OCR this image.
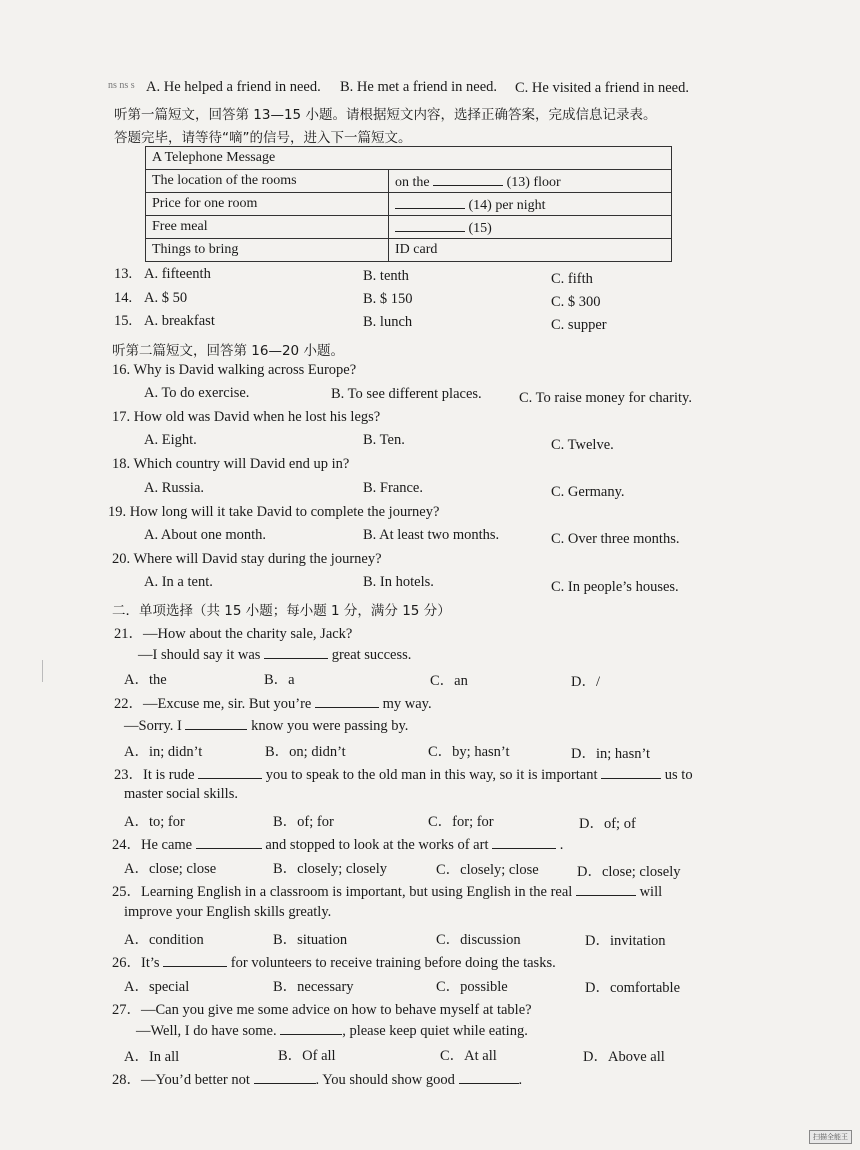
ns ns s A. He helped a friend in need. B. He met a friend in need. C. He visited a friend in need.
听第一篇短文，回答第 13—15 小题。请根据短文内容，选择正确答案，完成信息记录表。
答题完毕，请等待“嘀”的信号，进入下一篇短文。
A Telephone Message	
The location of the rooms	on the (13) floor
Price for one room	(14) per night
Free meal	(15)
Things to bring	ID card
13. A. fifteenth	B. tenth	C. fifth
14. A. $ 50	B. $ 150	C. $ 300
15. A. breakfast	B. lunch	C. supper
听第二篇短文，回答第 16—20 小题。
16. Why is David walking across Europe?
A. To do exercise.	B. To see different places.	C. To raise money for charity.
17. How old was David when he lost his legs?
A. Eight.	B. Ten.	C. Twelve.
18. Which country will David end up in?
A. Russia.	B. France.	C. Germany.
19. How long will it take David to complete the journey?
A. About one month.	B. At least two months.	C. Over three months.
20. Where will David stay during the journey?
A. In a tent.	B. In hotels.	C. In people’s houses.
二．单项选择（共 15 小题；每小题 1 分，满分 15 分）
21．—How about the charity sale, Jack?
—I should say it was	great success.
A．the	B．a	C．an	D．/
22．—Excuse me, sir. But you’re	my way.
—Sorry. I	know you were passing by.
A．in; didn’t	B．on; didn’t	C．by; hasn’t	D．in; hasn’t
23．It is rude	you to speak to the old man in this way, so it is important	us to
master social skills.
A．to; for	B．of; for	C．for; for	D．of; of
24．He came	and stopped to look at the works of art	.
A．close; close	B．closely; closely	C．closely; close	D．close; closely
25．Learning English in a classroom is important, but using English in the real	will
improve your English skills greatly.
A．condition	B．situation	C．discussion	D．invitation
26．It’s	for volunteers to receive training before doing the tasks.
A．special	B．necessary	C．possible	D．comfortable
27．—Can you give me some advice on how to behave myself at table?
—Well, I do have some.	, please keep quiet while eating.
A．In all	B．Of all	C．At all	D．Above all
28．—You’d better not	. You should show good	.
扫描全能王
